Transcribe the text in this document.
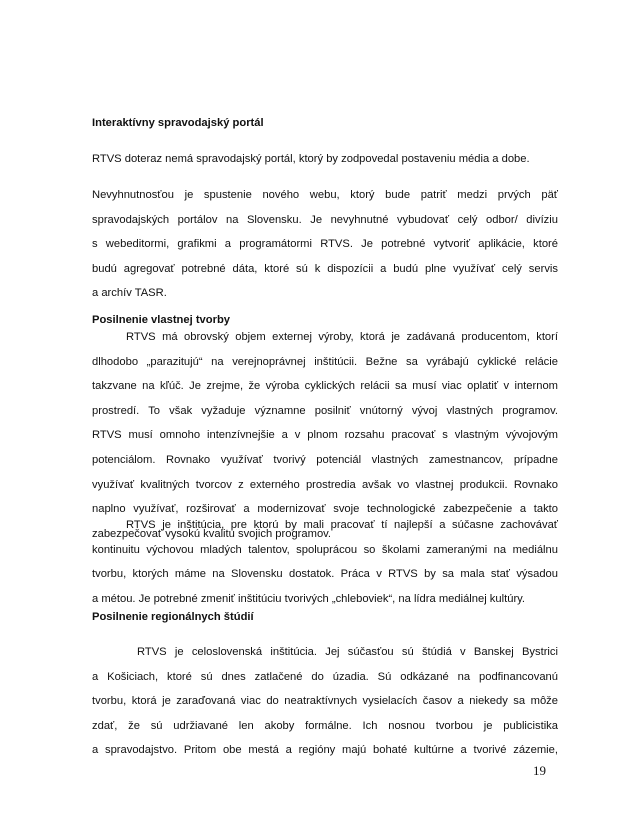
Interaktívny spravodajský portál
RTVS doteraz nemá spravodajský portál, ktorý by zodpovedal postaveniu média a dobe.
Nevyhnutnosťou je spustenie nového webu, ktorý bude patriť medzi prvých päť
spravodajských portálov na Slovensku. Je nevyhnutné vybudovať celý odbor/ divíziu
s webeditormi, grafikmi a programátormi RTVS. Je potrebné vytvoriť aplikácie, ktoré
budú agregovať potrebné dáta, ktoré sú k dispozícii a budú plne využívať celý servis
a archív TASR.
Posilnenie vlastnej tvorby
RTVS má obrovský objem externej výroby, ktorá je zadávaná producentom, ktorí
dlhodobo „parazitujú“ na verejnoprávnej inštitúcii. Bežne sa vyrábajú cyklické relácie
takzvane na kľúč. Je zrejme, že výroba cyklických relácii sa musí viac oplatiť v internom
prostredí. To však vyžaduje významne posilniť vnútorný vývoj vlastných programov.
RTVS musí omnoho intenzívnejšie a v plnom rozsahu pracovať s vlastným vývojovým
potenciálom. Rovnako využívať tvorivý potenciál vlastných zamestnancov, prípadne
využívať kvalitných tvorcov z externého prostredia avšak vo vlastnej produkcii. Rovnako
naplno využívať, rozširovať a modernizovať svoje technologické zabezpečenie a takto
zabezpečovať vysokú kvalitu svojich programov.
RTVS je inštitúcia, pre ktorú by mali pracovať tí najlepší a súčasne zachovávať
kontinuitu výchovou mladých talentov, spoluprácou so školami zameranými na mediálnu
tvorbu, ktorých máme na Slovensku dostatok. Práca v RTVS by sa mala stať výsadou
a métou. Je potrebné zmeniť inštitúciu tvorivých „chleboviek“, na lídra mediálnej kultúry.
Posilnenie regionálnych štúdií
RTVS je celoslovenská inštitúcia. Jej súčasťou sú štúdiá v Banskej Bystrici
a Košiciach, ktoré sú dnes zatlačené do úzadia. Sú odkázané na podfinancovanú
tvorbu, ktorá je zaraďovaná viac do neatraktívnych vysielacích časov a niekedy sa môže
zdať, že sú udržiavané len akoby formálne. Ich nosnou tvorbou je publicistika
a spravodajstvo. Pritom obe mestá a regióny majú bohaté kultúrne a tvorivé zázemie,
19
